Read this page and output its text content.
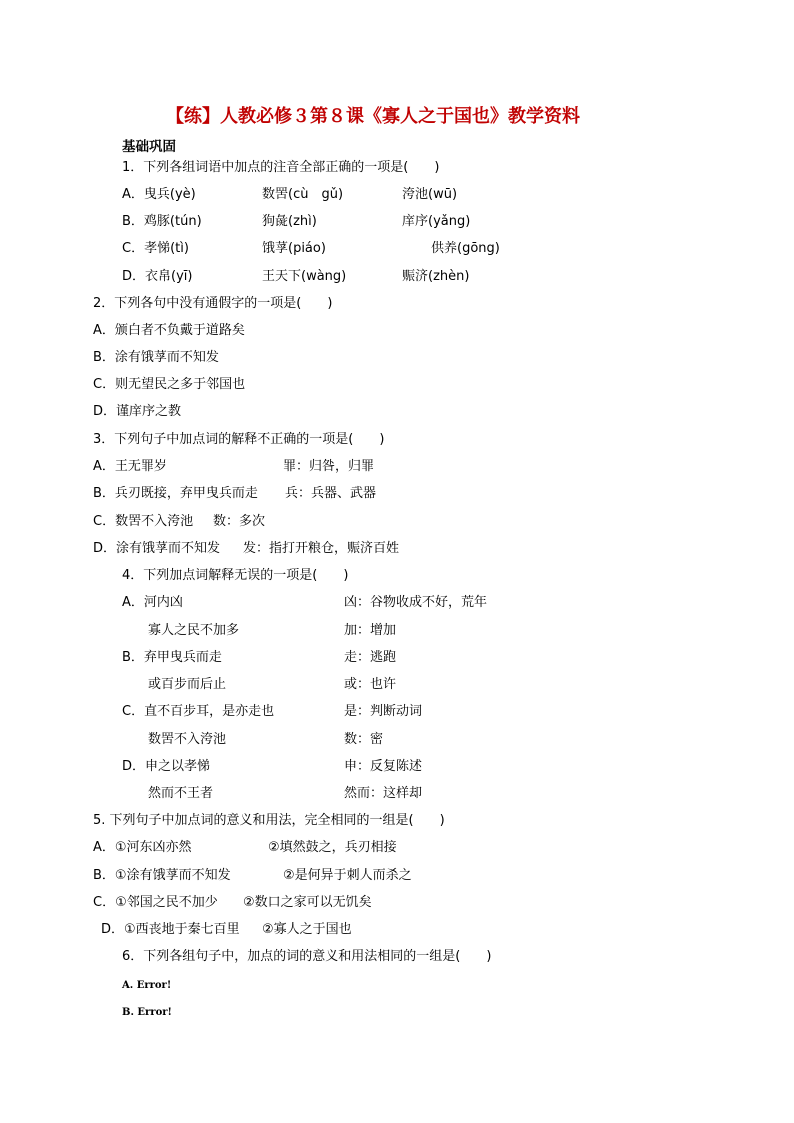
【练】人教必修３第８课《寡人之于国也》教学资料
基础巩固
1．下列各组词语中加点的注音全部正确的一项是(　　)
A．曳兵(yè)	数罟(cù　gǔ)	洿池(wū)
B．鸡豚(tún)	狗彘(zhì)	庠序(yǎng)
C．孝悌(tì)	饿莩(piáo)	供养(gōng)
D．衣帛(yī)	王天下(wàng)	赈济(zhèn)
2．下列各句中没有通假字的一项是(　　)
A．颁白者不负戴于道路矣
B．涂有饿莩而不知发
C．则无望民之多于邻国也
D．谨庠序之教
3．下列句子中加点词的解释不正确的一项是(　　)
A．王无罪岁	罪：归咎，归罪
B．兵刃既接，弃甲曳兵而走 兵：兵器、武器
C．数罟不入洿池 数：多次
D．涂有饿莩而不知发 发：指打开粮仓，赈济百姓
4．下列加点词解释无误的一项是(　　)
A．河内凶	凶：谷物收成不好，荒年
寡人之民不加多	加：增加
B．弃甲曳兵而走	走：逃跑
或百步而后止	或：也许
C．直不百步耳，是亦走也	是：判断动词
数罟不入洿池	数：密
D．申之以孝悌	申：反复陈述
然而不王者	然而：这样却
5. 下列句子中加点词的意义和用法，完全相同的一组是(　　)
A．①河东凶亦然	②填然鼓之，兵刃相接
B．①涂有饿莩而不知发	②是何异于刺人而杀之
C．①邻国之民不加少 ②数口之家可以无饥矣
D．①西丧地于秦七百里 ②寡人之于国也
6．下列各组句子中，加点的词的意义和用法相同的一组是(　　)
A. Error!
B. Error!
